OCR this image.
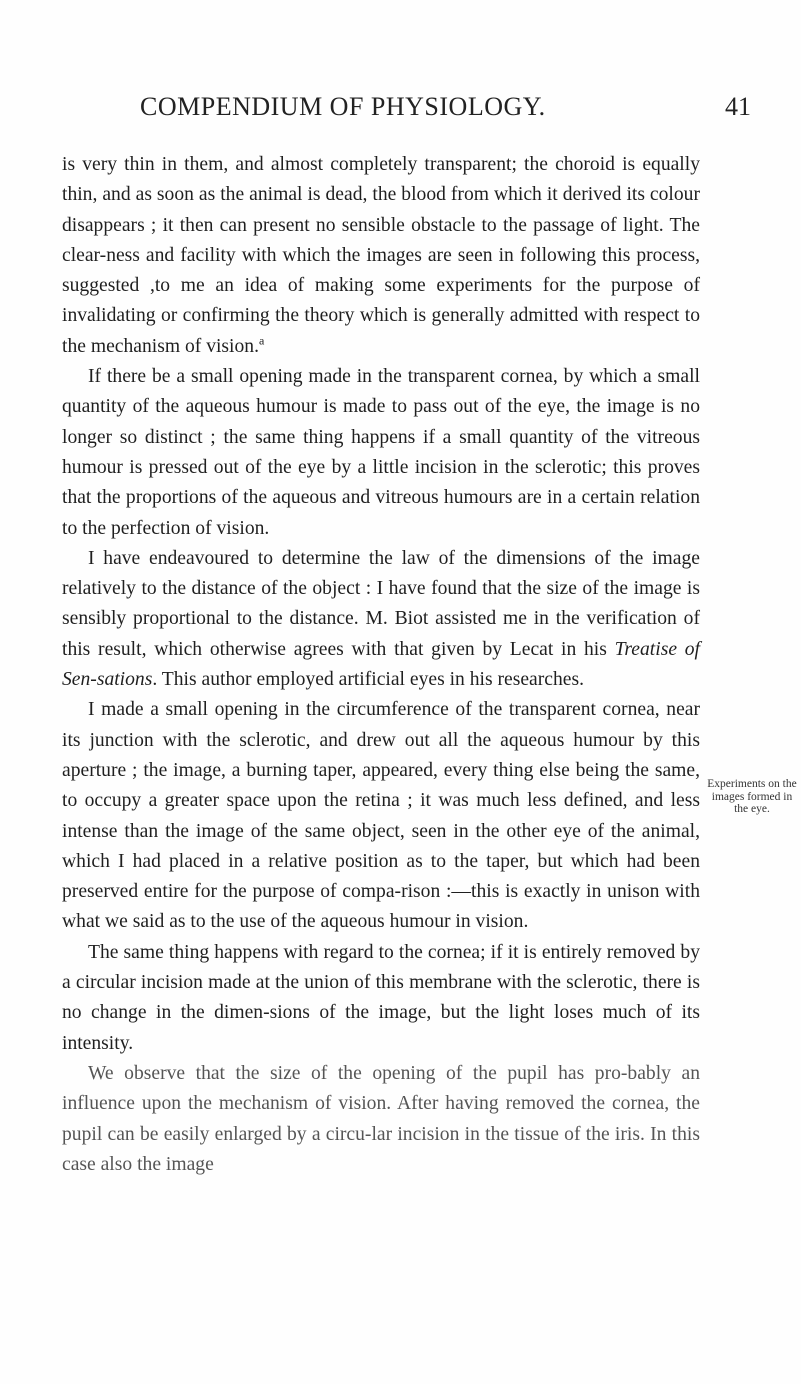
COMPENDIUM OF PHYSIOLOGY.	41

is very thin in them, and almost completely transparent; the choroid is equally thin, and as soon as the animal is dead, the blood from which it derived its colour disappears ; it then can present no sensible obstacle to the passage of light. The clear-ness and facility with which the images are seen in following this process, suggested ,to me an idea of making some experiments for the purpose of invalidating or confirming the theory which is generally admitted with respect to the mechanism of vision.$^a$

If there be a small opening made in the transparent cornea, by which a small quantity of the aqueous humour is made to pass out of the eye, the image is no longer so distinct ; the same thing happens if a small quantity of the vitreous humour is pressed out of the eye by a little incision in the sclerotic; this proves that the proportions of the aqueous and vitreous humours are in a certain relation to the perfection of vision.

I have endeavoured to determine the law of the dimensions of the image relatively to the distance of the object : I have found that the size of the image is sensibly proportional to the distance. M. Biot assisted me in the verification of this result, which otherwise agrees with that given by Lecat in his Treatise of Sen-sations. This author employed artificial eyes in his researches.

I made a small opening in the circumference of the transparent cornea, near its junction with the sclerotic, and drew out all the aqueous humour by this aperture ; the image, a burning taper, appeared, every thing else being the same, to occupy a greater space upon the retina ; it was much less defined, and less intense than the image of the same object, seen in the other eye of the animal, which I had placed in a relative position as to the taper, but which had been preserved entire for the purpose of compa-rison :—this is exactly in unison with what we said as to the use of the aqueous humour in vision.

The same thing happens with regard to the cornea; if it is entirely removed by a circular incision made at the union of this membrane with the sclerotic, there is no change in the dimen-sions of the image, but the light loses much of its intensity.

We observe that the size of the opening of the pupil has pro-bably an influence upon the mechanism of vision. After having removed the cornea, the pupil can be easily enlarged by a circu-lar incision in the tissue of the iris. In this case also the image

Experiments on the images formed in the eye.
